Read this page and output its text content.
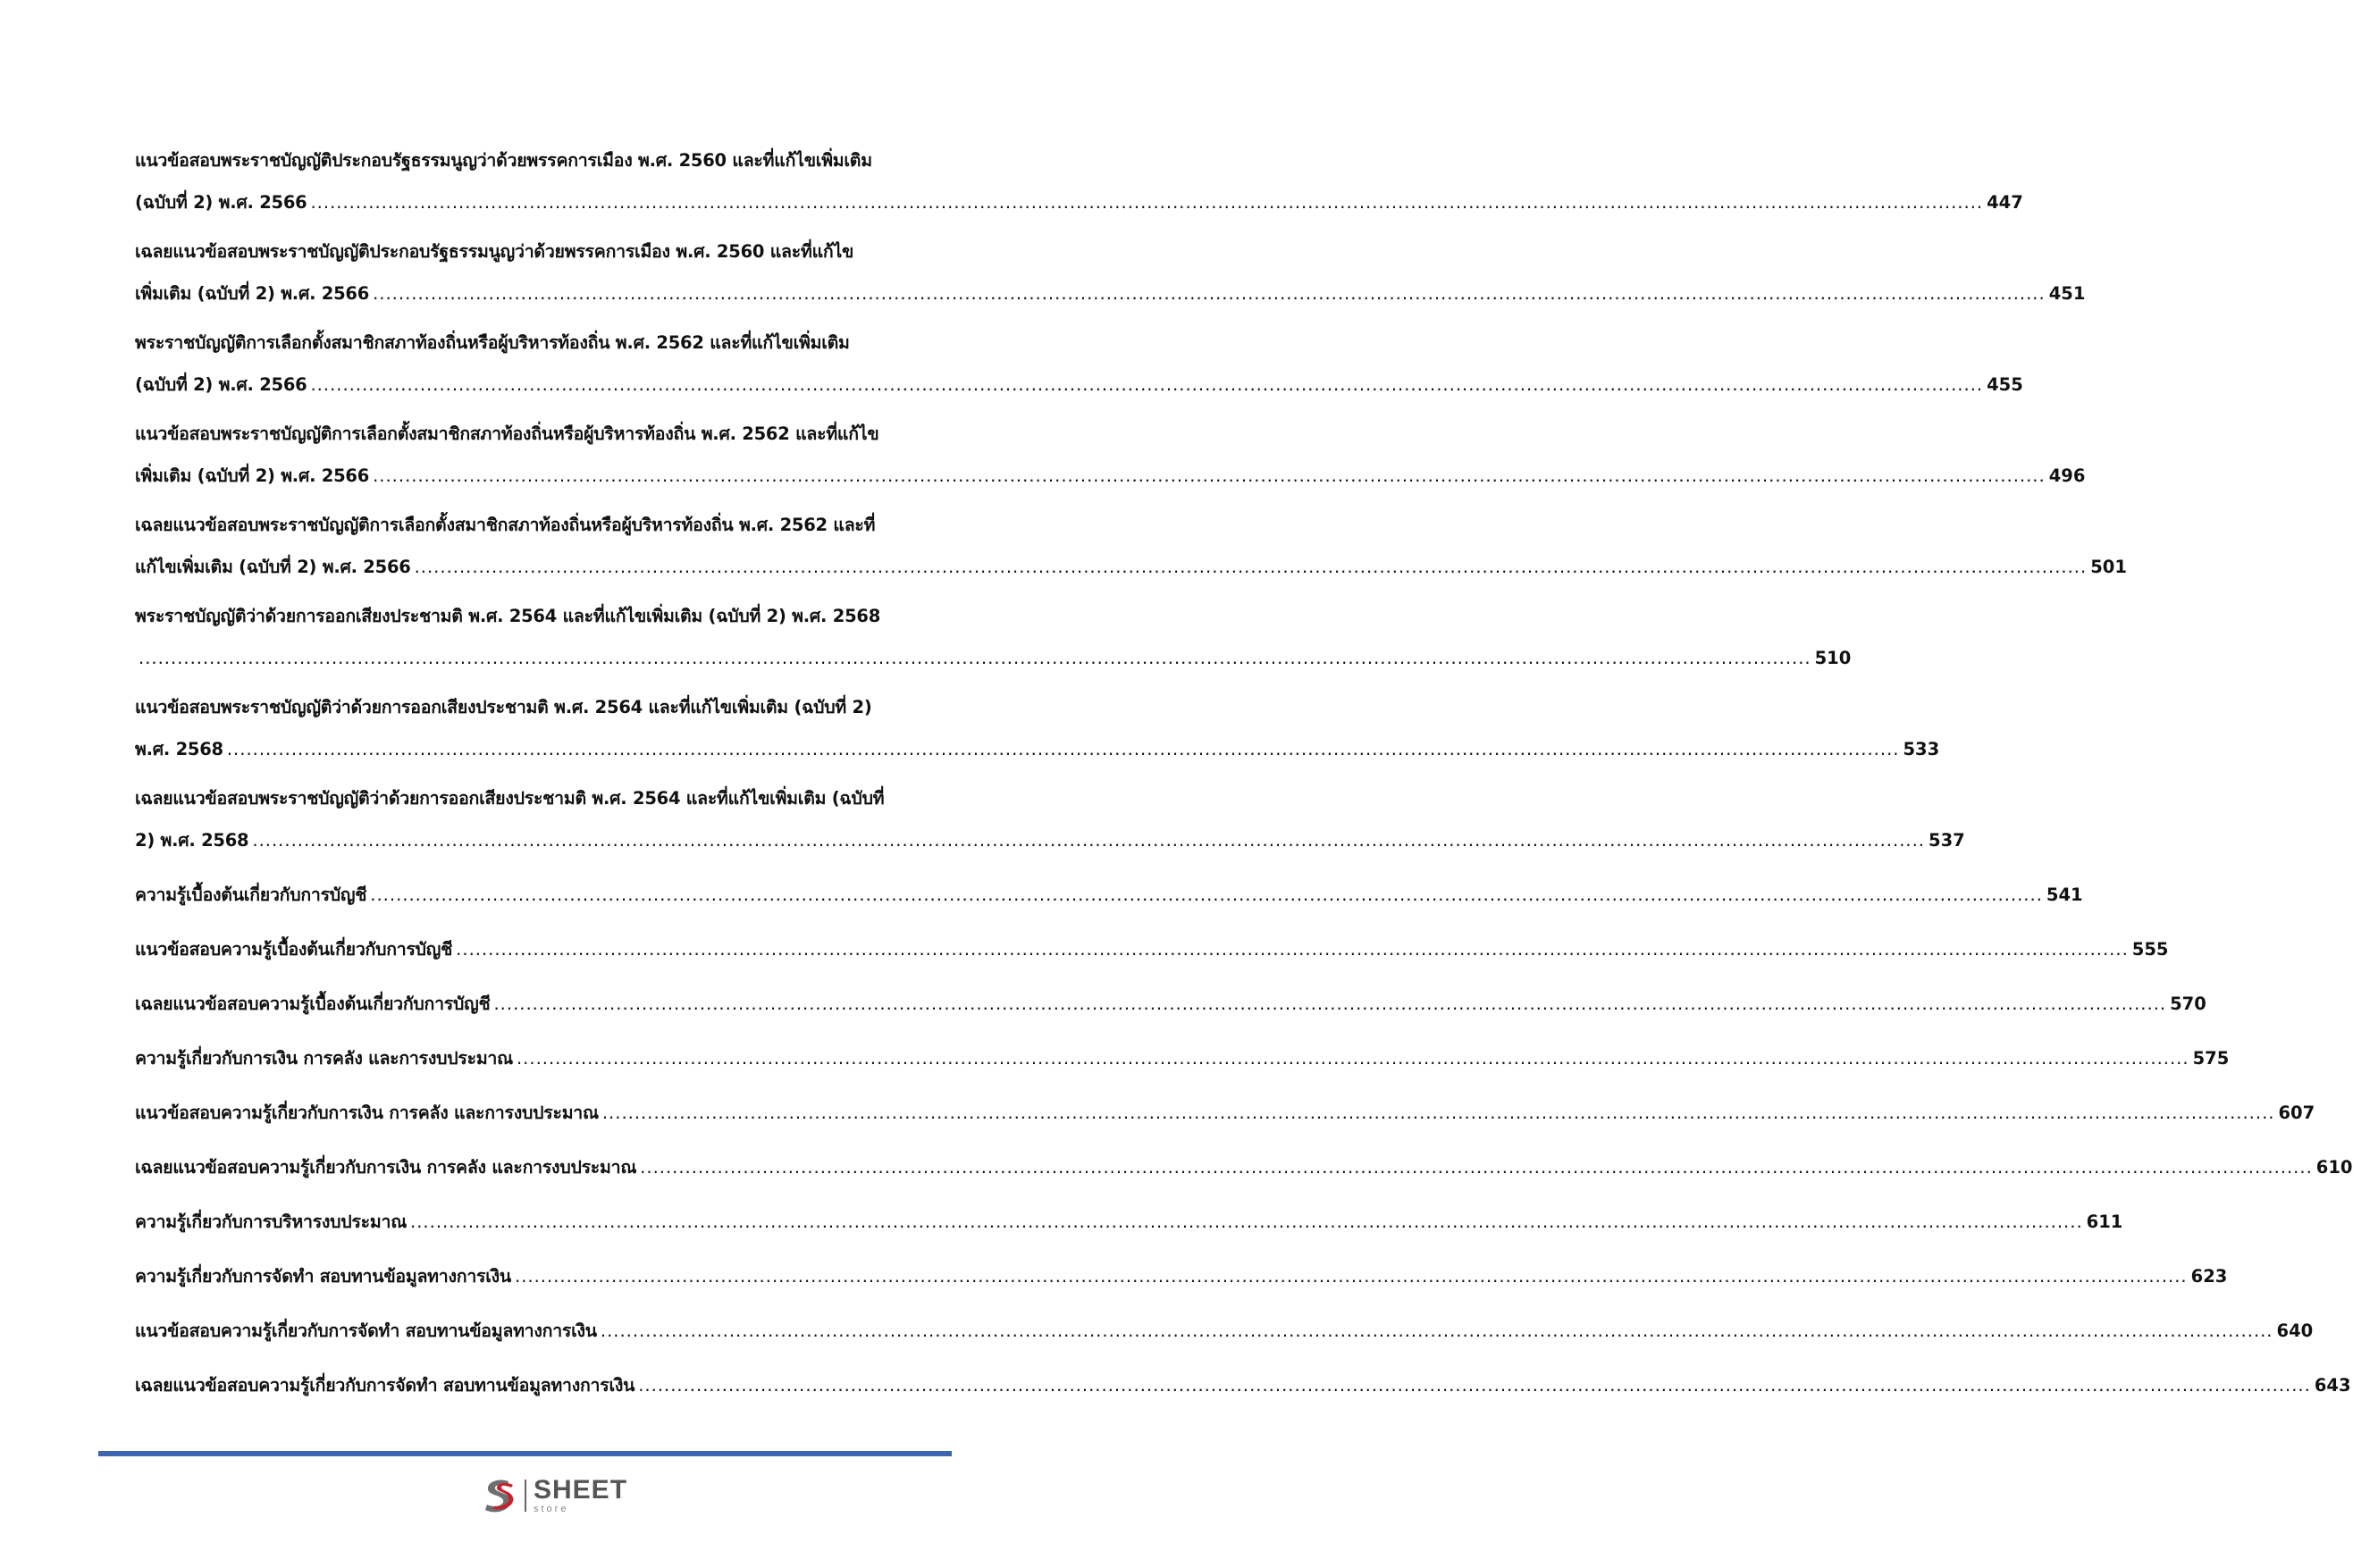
แนวข้อสอบพระราชบัญญัติประกอบรัฐธรรมนูญว่าด้วยพรรคการเมือง พ.ศ. 2560 และที่แก้ไขเพิ่มเติม
(ฉบับที่ 2) พ.ศ. 2566 .................................................................................................................................................................................................................................................................... 447
เฉลยแนวข้อสอบพระราชบัญญัติประกอบรัฐธรรมนูญว่าด้วยพรรคการเมือง พ.ศ. 2560 และที่แก้ไข
เพิ่มเติม (ฉบับที่ 2) พ.ศ. 2566 .................................................................................................................................................................................................................................................................... 451
พระราชบัญญัติการเลือกตั้งสมาชิกสภาท้องถิ่นหรือผู้บริหารท้องถิ่น พ.ศ. 2562 และที่แก้ไขเพิ่มเติม
(ฉบับที่ 2) พ.ศ. 2566 .................................................................................................................................................................................................................................................................... 455
แนวข้อสอบพระราชบัญญัติการเลือกตั้งสมาชิกสภาท้องถิ่นหรือผู้บริหารท้องถิ่น พ.ศ. 2562 และที่แก้ไข
เพิ่มเติม (ฉบับที่ 2) พ.ศ. 2566 .................................................................................................................................................................................................................................................................... 496
เฉลยแนวข้อสอบพระราชบัญญัติการเลือกตั้งสมาชิกสภาท้องถิ่นหรือผู้บริหารท้องถิ่น พ.ศ. 2562 และที่
แก้ไขเพิ่มเติม (ฉบับที่ 2) พ.ศ. 2566 .................................................................................................................................................................................................................................................................... 501
พระราชบัญญัติว่าด้วยการออกเสียงประชามติ พ.ศ. 2564 และที่แก้ไขเพิ่มเติม (ฉบับที่ 2) พ.ศ. 2568
.................................................................................................................................................................................................................................................................... 510
แนวข้อสอบพระราชบัญญัติว่าด้วยการออกเสียงประชามติ พ.ศ. 2564 และที่แก้ไขเพิ่มเติม (ฉบับที่ 2)
พ.ศ. 2568 .................................................................................................................................................................................................................................................................... 533
เฉลยแนวข้อสอบพระราชบัญญัติว่าด้วยการออกเสียงประชามติ พ.ศ. 2564 และที่แก้ไขเพิ่มเติม (ฉบับที่
2) พ.ศ. 2568 .................................................................................................................................................................................................................................................................... 537
ความรู้เบื้องต้นเกี่ยวกับการบัญชี .................................................................................................................................................................................................................................................................... 541
แนวข้อสอบความรู้เบื้องต้นเกี่ยวกับการบัญชี .................................................................................................................................................................................................................................................................... 555
เฉลยแนวข้อสอบความรู้เบื้องต้นเกี่ยวกับการบัญชี .................................................................................................................................................................................................................................................................... 570
ความรู้เกี่ยวกับการเงิน การคลัง และการงบประมาณ .................................................................................................................................................................................................................................................................... 575
แนวข้อสอบความรู้เกี่ยวกับการเงิน การคลัง และการงบประมาณ .................................................................................................................................................................................................................................................................... 607
เฉลยแนวข้อสอบความรู้เกี่ยวกับการเงิน การคลัง และการงบประมาณ .................................................................................................................................................................................................................................................................... 610
ความรู้เกี่ยวกับการบริหารงบประมาณ .................................................................................................................................................................................................................................................................... 611
ความรู้เกี่ยวกับการจัดทำ สอบทานข้อมูลทางการเงิน .................................................................................................................................................................................................................................................................... 623
แนวข้อสอบความรู้เกี่ยวกับการจัดทำ สอบทานข้อมูลทางการเงิน .................................................................................................................................................................................................................................................................... 640
เฉลยแนวข้อสอบความรู้เกี่ยวกับการจัดทำ สอบทานข้อมูลทางการเงิน .................................................................................................................................................................................................................................................................... 643
SHEET
store
